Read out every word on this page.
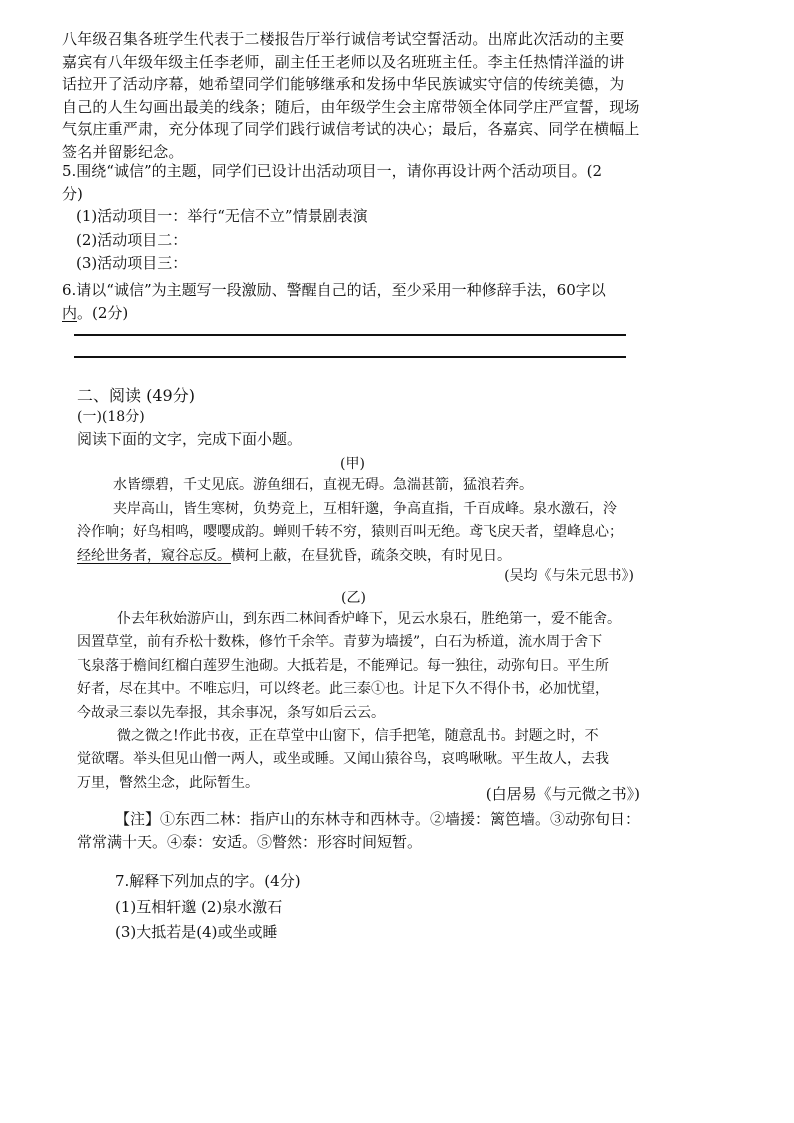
八年级召集各班学生代表于二楼报告厅举行诚信考试空誓活动。出席此次活动的主要

嘉宾有八年级年级主任李老师，副主任王老师以及名班班主任。李主任热情洋溢的讲

话拉开了活动序幕，她希望同学们能够继承和发扬中华民族诚实守信的传统美德，为

自己的人生勾画出最美的线条；随后，由年级学生会主席带领全体同学庄严宣誓，现场

气氛庄重严肃，充分体现了同学们践行诚信考试的决心；最后，各嘉宾、同学在横幅上

签名并留影纪念。

5.围绕“诚信”的主题，同学们已设计出活动项目一，请你再设计两个活动项目。(2

分)

(1)活动项目一：举行“无信不立”情景剧表演

(2)活动项目二：

(3)活动项目三：

6.请以“诚信”为主题写一段激励、警醒自己的话，至少采用一种修辞手法，60字以

内。(2分)

二、阅读 (49分)
(一)(18分)
阅读下面的文字，完成下面小题。
(甲)

水皆缥碧，千丈见底。游鱼细石，直视无碍。急湍甚箭，猛浪若奔。

夹岸高山，皆生寒树，负势竞上，互相轩邈，争高直指，千百成峰。泉水激石，泠

泠作响；好鸟相鸣，嘤嘤成韵。蝉则千转不穷，猿则百叫无绝。鸢飞戾天者，望峰息心；

经纶世务者，窥谷忘反。横柯上蔽，在昼犹昏，疏条交映，有时见日。

(吴均《与朱元思书》)
(乙)

仆去年秋始游庐山，到东西二林间香炉峰下，见云水泉石，胜绝第一，爱不能舍。

因置草堂，前有乔松十数株，修竹千余竿。青萝为墙援”，白石为桥道，流水周于舍下

飞泉落于檐间红榴白莲罗生池砌。大抵若是，不能殚记。每一独往，动弥旬日。平生所

好者，尽在其中。不唯忘归，可以终老。此三泰①也。计足下久不得仆书，必加忧望，

今故录三泰以先奉报，其余事况，条写如后云云。

微之微之!作此书夜，正在草堂中山窗下，信手把笔，随意乱书。封题之时，不

觉欲曙。举头但见山僧一两人，或坐或睡。又闻山猿谷鸟，哀鸣啾啾。平生故人，去我

万里，瞥然尘念，此际暂生。

(白居易《与元微之书》)

【注】①东西二林：指庐山的东林寺和西林寺。②墙援：篱笆墙。③动弥旬日：

常常满十天。④泰：安适。⑤瞥然：形容时间短暂。

7.解释下列加点的字。(4分)

(1)互相轩邈 (2)泉水激石

(3)大抵若是(4)或坐或睡
